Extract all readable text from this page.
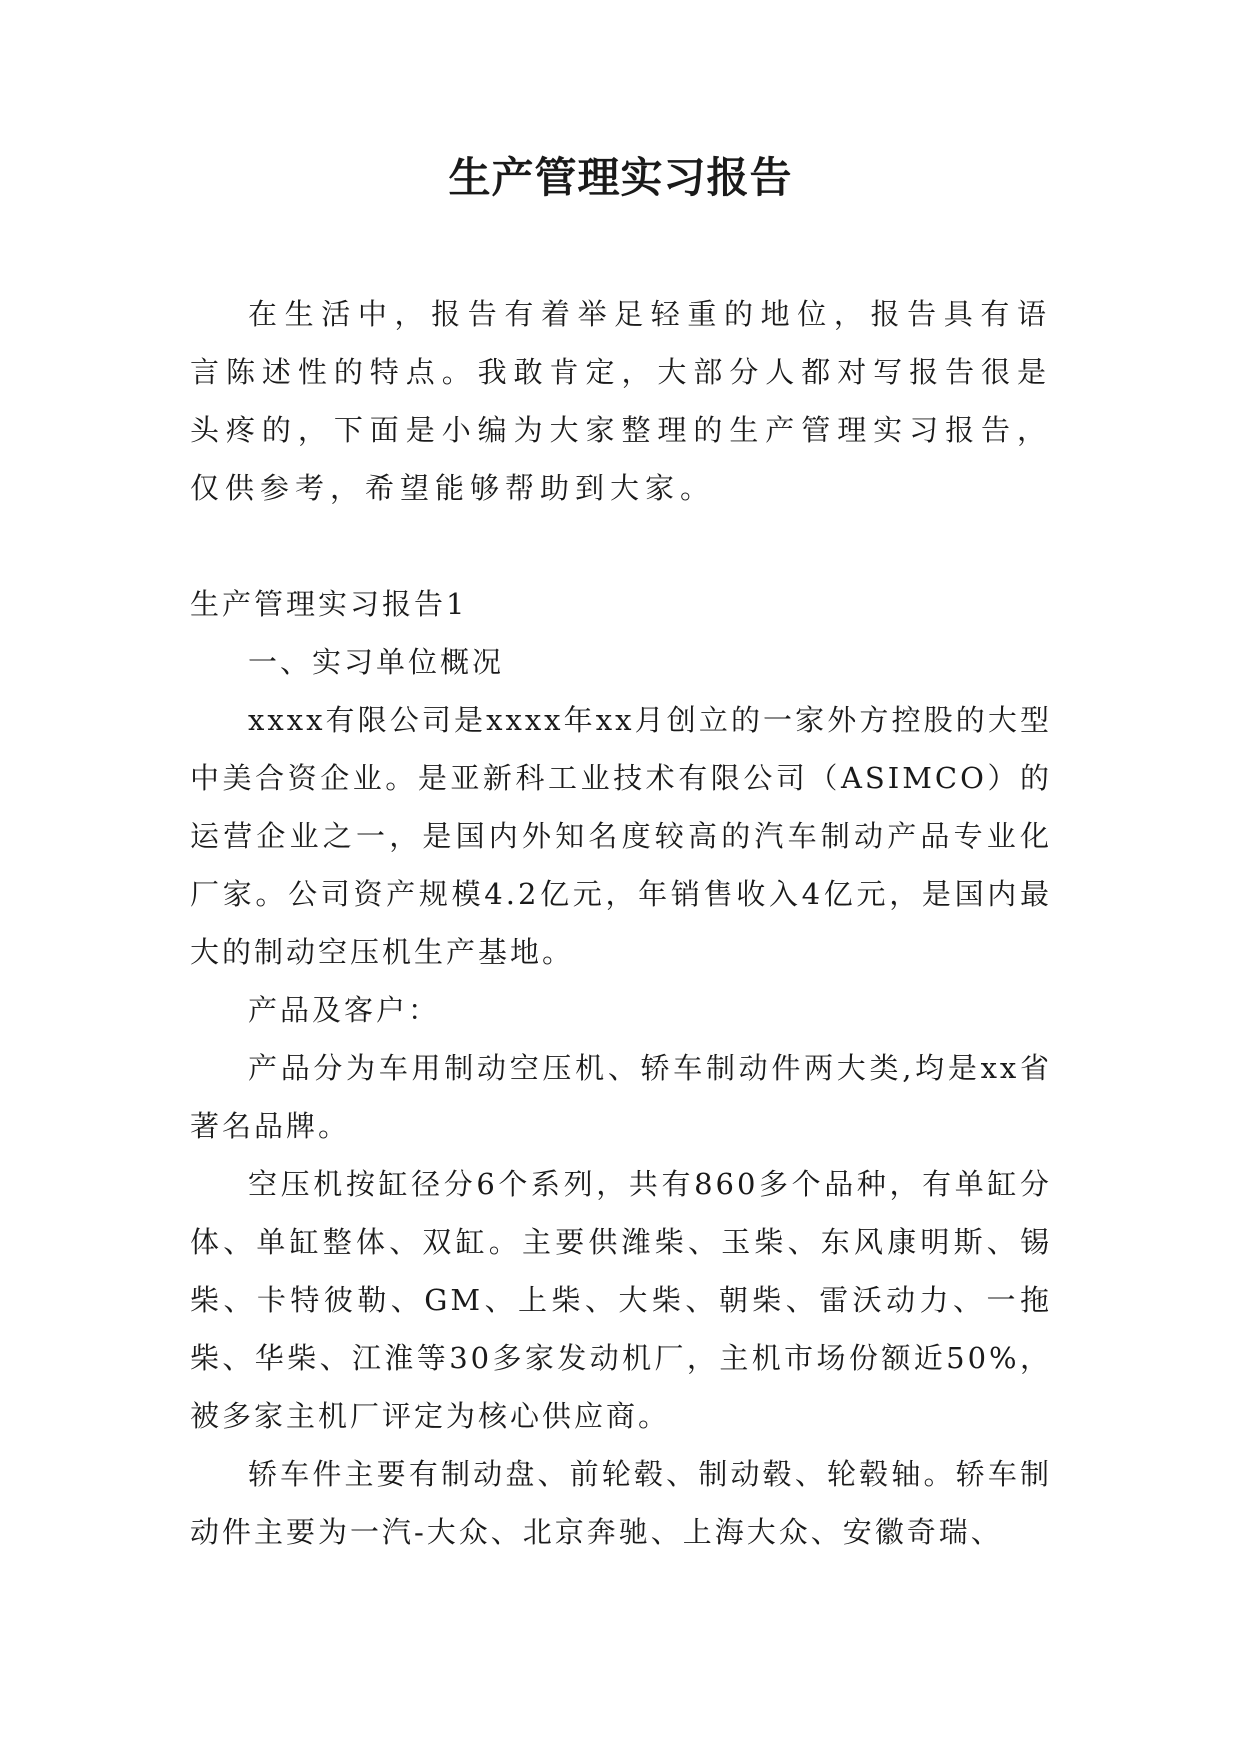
生产管理实习报告

在生活中，报告有着举足轻重的地位，报告具有语言陈述性的特点。我敢肯定，大部分人都对写报告很是头疼的，下面是小编为大家整理的生产管理实习报告，仅供参考，希望能够帮助到大家。

生产管理实习报告1

一、实习单位概况

xxxx有限公司是xxxx年xx月创立的一家外方控股的大型中美合资企业。是亚新科工业技术有限公司（ASIMCO）的运营企业之一，是国内外知名度较高的汽车制动产品专业化厂家。公司资产规模4.2亿元，年销售收入4亿元，是国内最大的制动空压机生产基地。

产品及客户：

产品分为车用制动空压机、轿车制动件两大类,均是xx省著名品牌。

空压机按缸径分6个系列，共有860多个品种，有单缸分体、单缸整体、双缸。主要供潍柴、玉柴、东风康明斯、锡柴、卡特彼勒、GM、上柴、大柴、朝柴、雷沃动力、一拖柴、华柴、江淮等30多家发动机厂，主机市场份额近50%，被多家主机厂评定为核心供应商。

轿车件主要有制动盘、前轮毂、制动毂、轮毂轴。轿车制动件主要为一汽-大众、北京奔驰、上海大众、安徽奇瑞、
